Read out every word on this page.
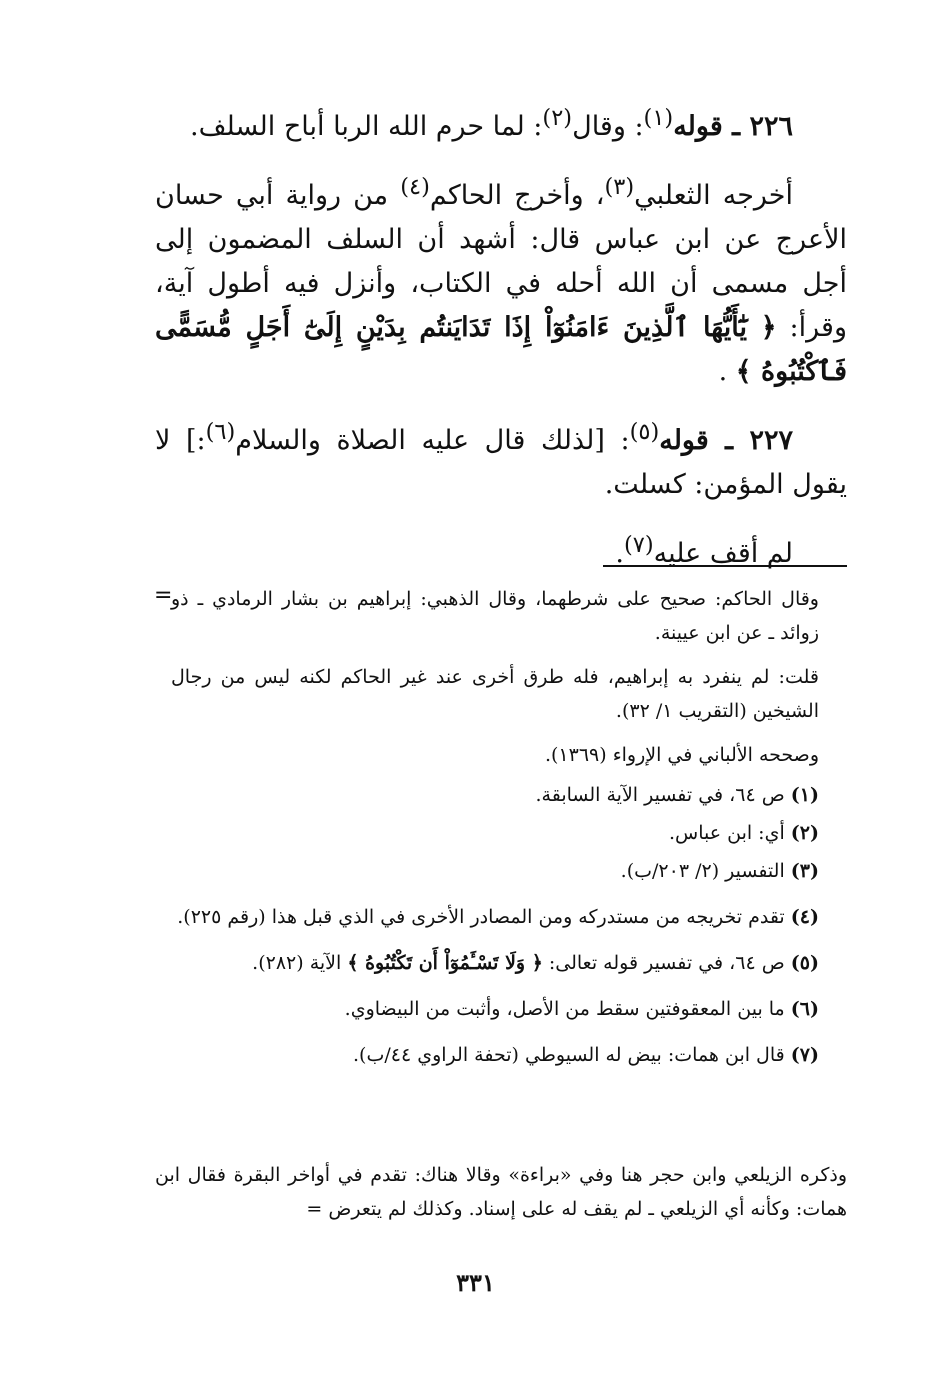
٢٢٦ ـ قوله$^{(١)}$: وقال$^{(٢)}$: لما حرم الله الربا أباح السلف.

أخرجه الثعلبي$^{(٣)}$، وأخرج الحاكم$^{(٤)}$ من رواية أبي حسان الأعرج عن ابن عباس قال: أشهد أن السلف المضمون إلى أجل مسمى أن الله أحله في الكتاب، وأنزل فيه أطول آية، وقرأ: ﴿ يَٰٓأَيُّهَا ٱلَّذِينَ ءَامَنُوٓاْ إِذَا تَدَايَنتُم بِدَيْنٍ إِلَىٰٓ أَجَلٍ مُّسَمًّى فَٱكْتُبُوهُ ﴾ .

٢٢٧ ـ قوله$^{(٥)}$: [لذلك قال عليه الصلاة والسلام$^{(٦)}$:] لا يقول المؤمن: كسلت.

لم أقف عليه$^{(٧)}$.

=

وقال الحاكم: صحيح على شرطهما، وقال الذهبي: إبراهيم بن بشار الرمادي ـ ذو زوائد ـ عن ابن عيينة.

قلت: لم ينفرد به إبراهيم، فله طرق أخرى عند غير الحاكم لكنه ليس من رجال الشيخين (التقريب ١/ ٣٢).

وصححه الألباني في الإرواء (١٣٦٩).

(١) ص ٦٤، في تفسير الآية السابقة.

(٢) أي: ابن عباس.

(٣) التفسير (٢/ ٢٠٣/ب).

(٤) تقدم تخريجه من مستدركه ومن المصادر الأخرى في الذي قبل هذا (رقم ٢٢٥).

(٥) ص ٦٤، في تفسير قوله تعالى: ﴿ وَلَا تَسْـَٔمُوٓاْ أَن تَكْتُبُوهُ ﴾ الآية (٢٨٢).

(٦) ما بين المعقوفتين سقط من الأصل، وأثبت من البيضاوي.

(٧) قال ابن همات: بيض له السيوطي (تحفة الراوي ٤٤/ب).

وذكره الزيلعي وابن حجر هنا وفي «براءة» وقالا هناك: تقدم في أواخر البقرة فقال ابن همات: وكأنه أي الزيلعي ـ لم يقف له على إسناد. وكذلك لم يتعرض =

٣٣١
